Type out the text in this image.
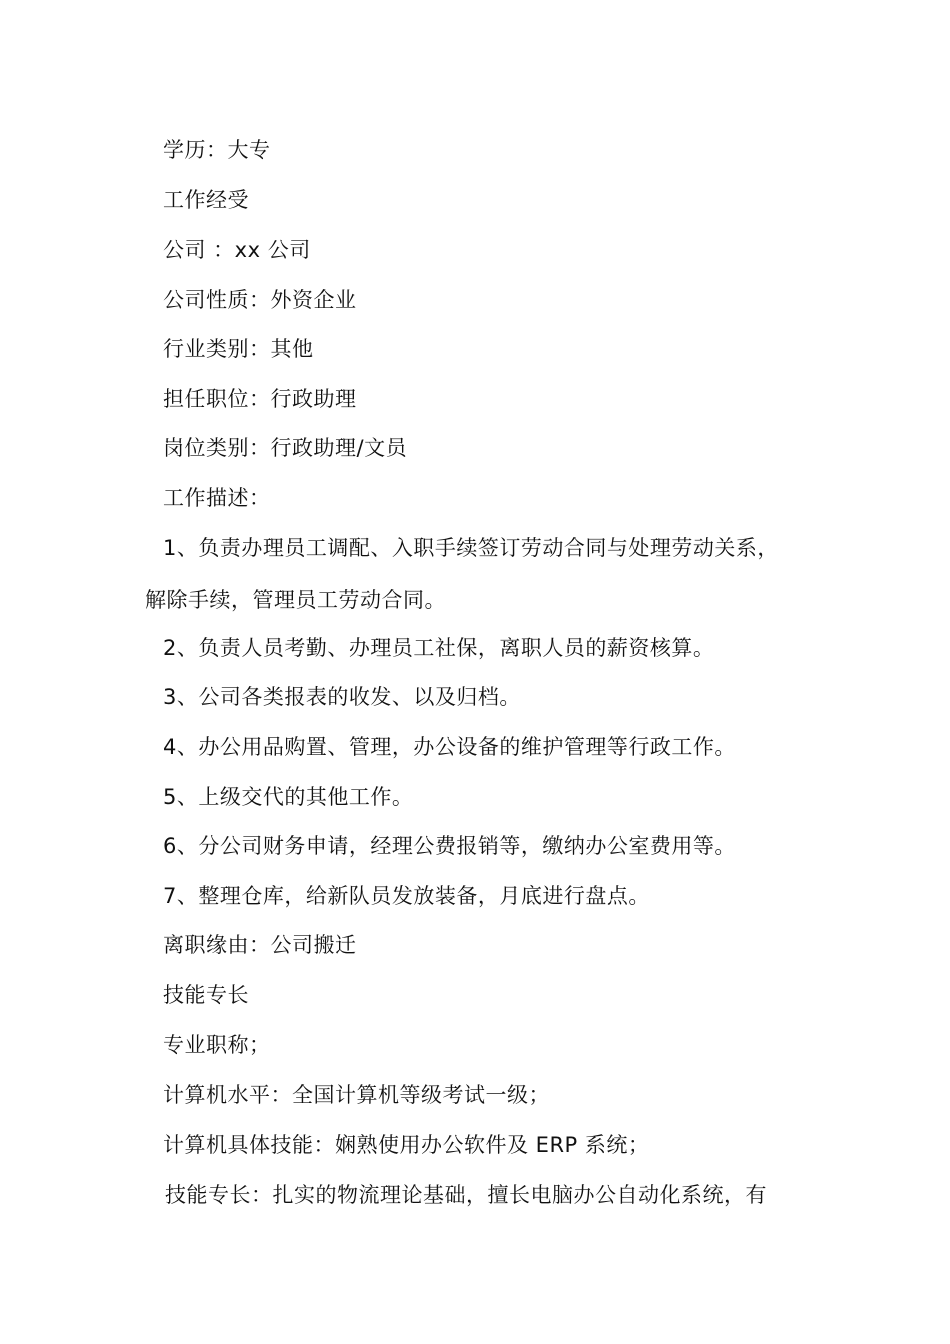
学历：大专
工作经受
公司 ：xx 公司
公司性质：外资企业
行业类别：其他
担任职位：行政助理
岗位类别：行政助理/文员
工作描述：
1、负责办理员工调配、入职手续签订劳动合同与处理劳动关系，
解除手续，管理员工劳动合同。
2、负责人员考勤、办理员工社保，离职人员的薪资核算。
3、公司各类报表的收发、以及归档。
4、办公用品购置、管理，办公设备的维护管理等行政工作。
5、上级交代的其他工作。
6、分公司财务申请，经理公费报销等，缴纳办公室费用等。
7、整理仓库，给新队员发放装备，月底进行盘点。
离职缘由：公司搬迁
技能专长
专业职称；
计算机水平：全国计算机等级考试一级；
计算机具体技能：娴熟使用办公软件及 ERP 系统；
技能专长：扎实的物流理论基础，擅长电脑办公自动化系统，有
